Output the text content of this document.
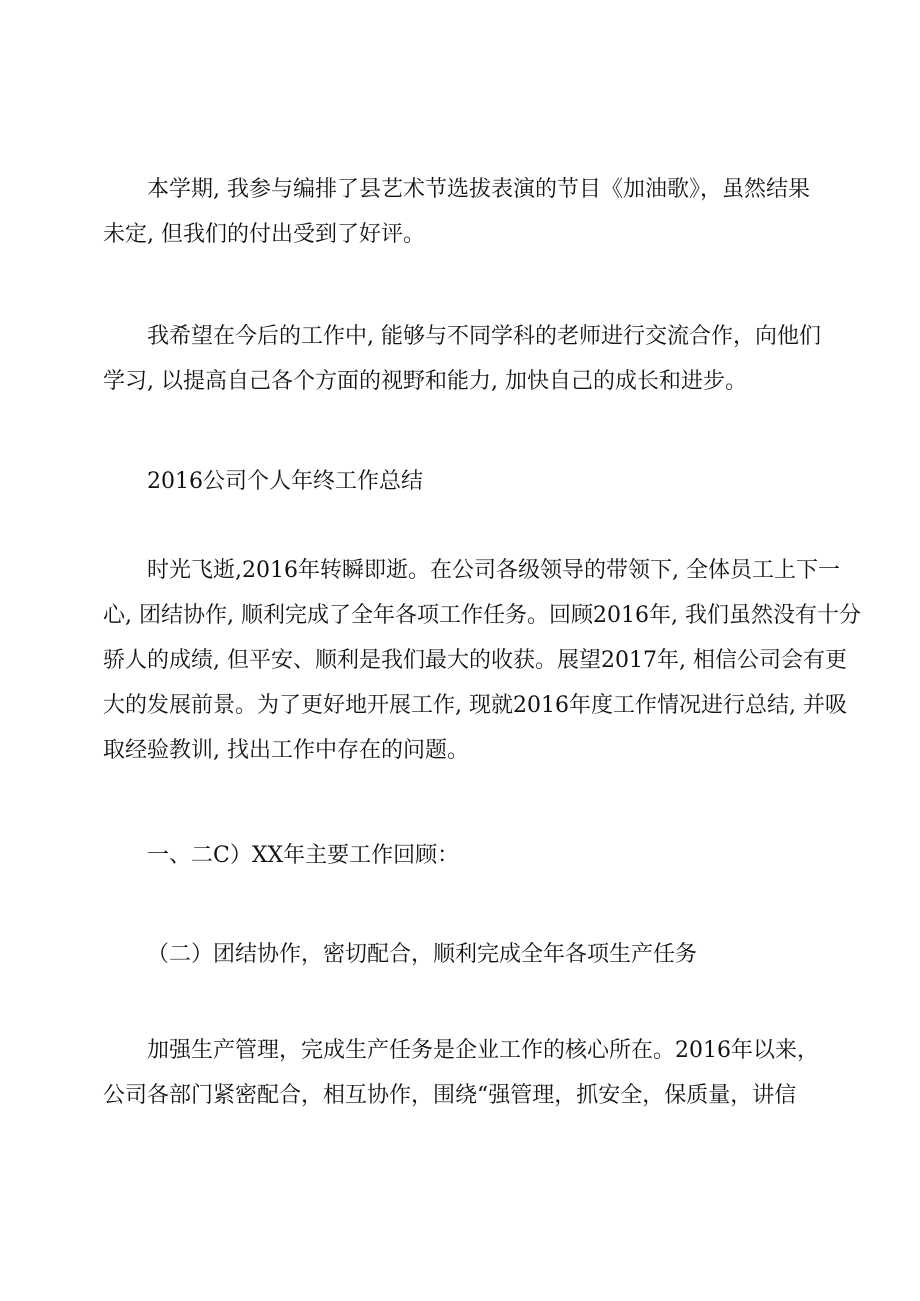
本学期, 我参与编排了县艺术节选拔表演的节目《加油歌》，虽然结果
未定, 但我们的付出受到了好评。

我希望在今后的工作中, 能够与不同学科的老师进行交流合作，向他们
学习, 以提高自己各个方面的视野和能力, 加快自己的成长和进步。

2016公司个人年终工作总结

时光飞逝,2016年转瞬即逝。在公司各级领导的带领下, 全体员工上下一
心, 团结协作, 顺利完成了全年各项工作任务。回顾2016年, 我们虽然没有十分
骄人的成绩, 但平安、顺利是我们最大的收获。展望2017年, 相信公司会有更
大的发展前景。为了更好地开展工作, 现就2016年度工作情况进行总结, 并吸
取经验教训, 找出工作中存在的问题。

一、二C）XX年主要工作回顾：

（二）团结协作，密切配合，顺利完成全年各项生产任务

加强生产管理，完成生产任务是企业工作的核心所在。2016年以来，
公司各部门紧密配合，相互协作，围绕“强管理，抓安全，保质量，讲信
